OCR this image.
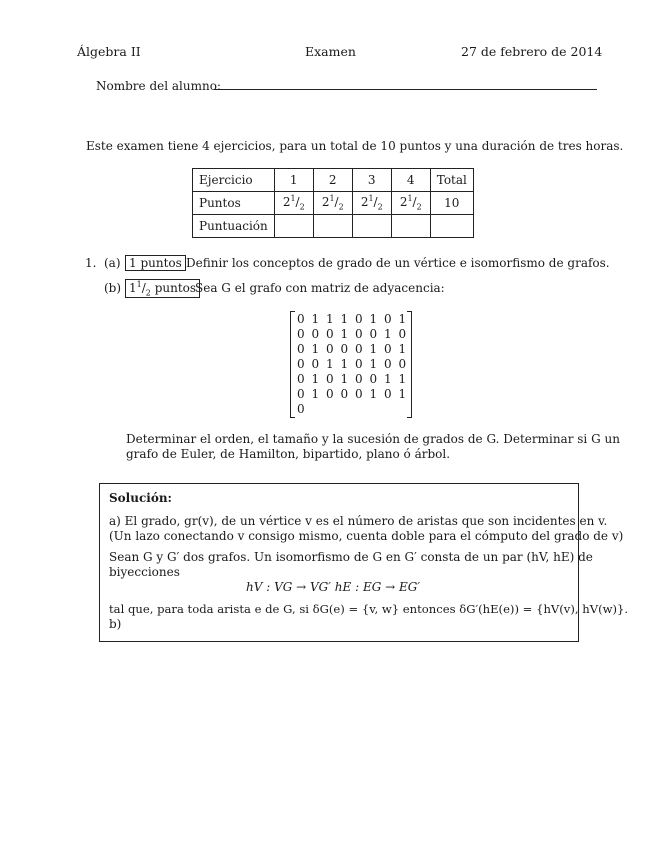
Álgebra II	Examen	27 de febrero de 2014
Nombre del alumno:
Este examen tiene 4 ejercicios, para un total de 10 puntos y una duración de tres horas.
Ejercicio	1	2	3	4	Total
Puntos	$2^1/_2$	$2^1/_2$	$2^1/_2$	$2^1/_2$	10
Puntuación					
1. (a) 1 puntos Definir los conceptos de grado de un vértice e isomorfismo de grafos.
(b) $1^1/_2$ puntos
Sea G el grafo con matriz de adyacencia:
0 1 1 1 0 1 0 1
0 0 0 1 0 0 1 0
0 1 0 0 0 1 0 1
0 0 1 1 0 1 0 0
0 1 0 1 0 0 1 1
0 1 0 0 0 1 0 1
0
Determinar el orden, el tamaño y la sucesión de grados de G. Determinar si G un
grafo de Euler, de Hamilton, bipartido, plano ó árbol.
Solución:
a) El grado, gr(v), de un vértice v es el número de aristas que son incidentes en v.
(Un lazo conectando v consigo mismo, cuenta doble para el cómputo del grado de v)
Sean G y G′ dos grafos. Un isomorfismo de G en G′ consta de un par (hV, hE) de
biyecciones
hV : VG → VG′ hE : EG → EG′
tal que, para toda arista e de G, si δG(e) = {v, w} entonces δG′(hE(e)) = {hV(v), hV(w)}.
b)
